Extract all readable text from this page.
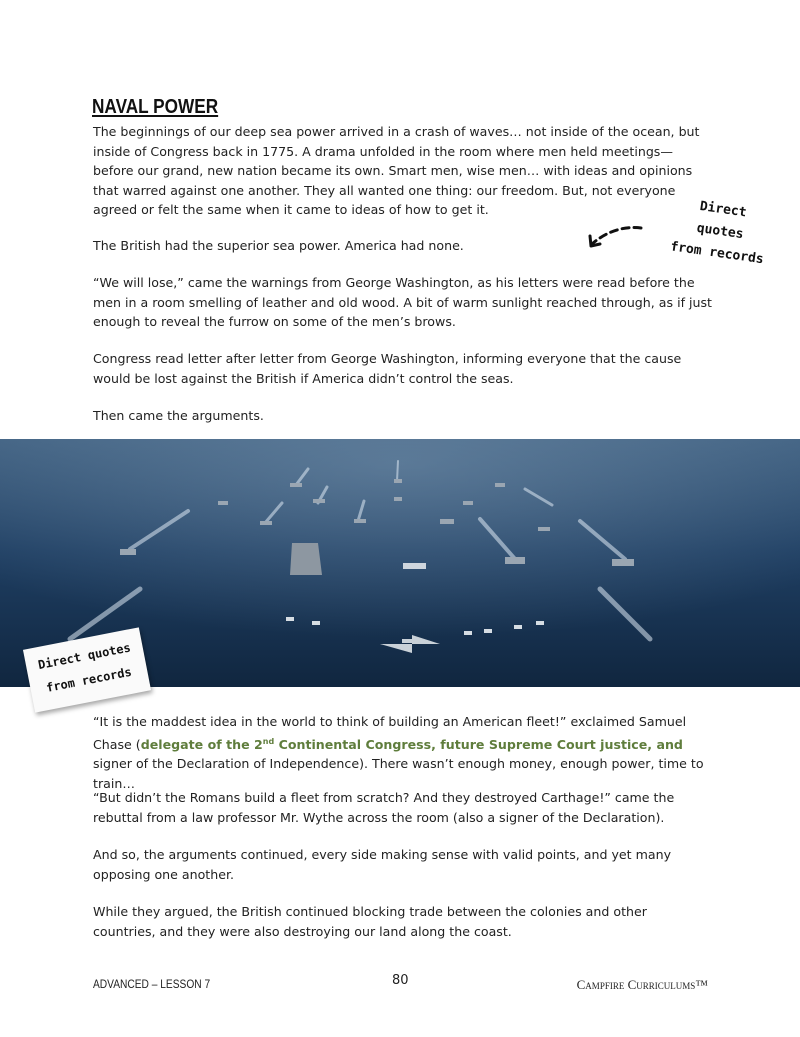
NAVAL POWER

The beginnings of our deep sea power arrived in a crash of waves… not inside of the ocean, but inside of Congress back in 1775. A drama unfolded in the room where men held meetings—before our grand, new nation became its own. Smart men, wise men… with ideas and opinions that warred against one another. They all wanted one thing: our freedom. But, not everyone agreed or felt the same when it came to ideas of how to get it.

The British had the superior sea power. America had none.

“We will lose,” came the warnings from George Washington, as his letters were read before the men in a room smelling of leather and old wood. A bit of warm sunlight reached through, as if just enough to reveal the furrow on some of the men’s brows.

Congress read letter after letter from George Washington, informing everyone that the cause would be lost against the British if America didn’t control the seas.

Then came the arguments.

Direct quotes
from records
Direct quotes
from records

“It is the maddest idea in the world to think of building an American fleet!” exclaimed Samuel Chase (delegate of the 2nd Continental Congress, future Supreme Court justice, and signer of the Declaration of Independence). There wasn’t enough money, enough power, time to train…

“But didn’t the Romans build a fleet from scratch? And they destroyed Carthage!” came the rebuttal from a law professor Mr. Wythe across the room (also a signer of the Declaration).

And so, the arguments continued, every side making sense with valid points, and yet many opposing one another.

While they argued, the British continued blocking trade between the colonies and other countries, and they were also destroying our land along the coast.

ADVANCED – LESSON 7	80	Campfire Curriculums™
